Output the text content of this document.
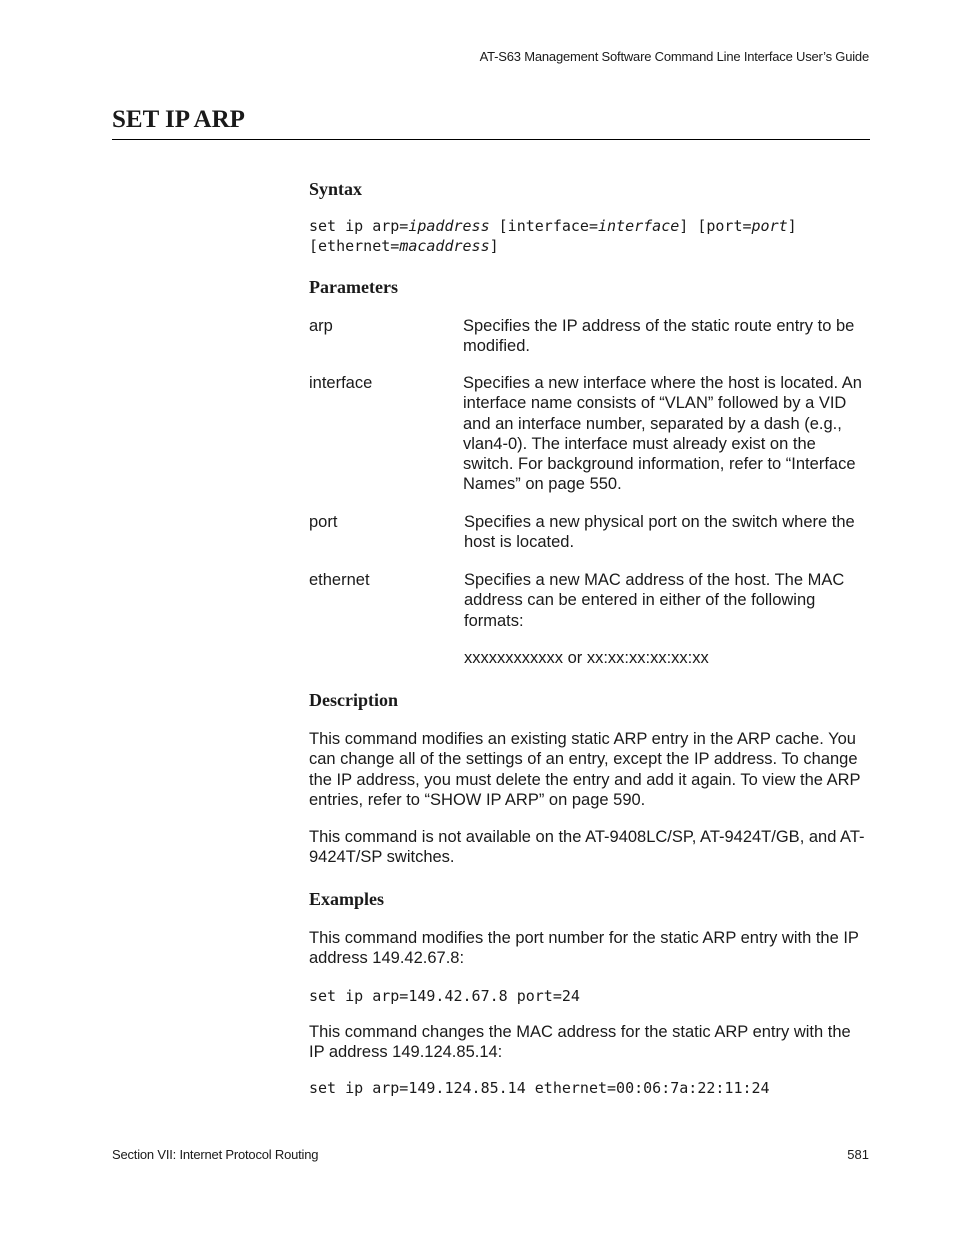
AT-S63 Management Software Command Line Interface User’s Guide
SET IP ARP
Syntax
set ip arp=ipaddress [interface=interface] [port=port]
[ethernet=macaddress]
Parameters
arp	Specifies the IP address of the static route entry to be modified.
interface	Specifies a new interface where the host is located. An interface name consists of “VLAN” followed by a VID and an interface number, separated by a dash (e.g., vlan4-0). The interface must already exist on the switch. For background information, refer to “Interface Names” on page 550.
port	Specifies a new physical port on the switch where the host is located.
ethernet	Specifies a new MAC address of the host. The MAC address can be entered in either of the following formats:
xxxxxxxxxxxx or xx:xx:xx:xx:xx:xx
Description

This command modifies an existing static ARP entry in the ARP cache. You can change all of the settings of an entry, except the IP address. To change the IP address, you must delete the entry and add it again. To view the ARP entries, refer to “SHOW IP ARP” on page 590.

This command is not available on the AT-9408LC/SP, AT-9424T/GB, and AT-9424T/SP switches.

Examples

This command modifies the port number for the static ARP entry with the IP address 149.42.67.8:

set ip arp=149.42.67.8 port=24

This command changes the MAC address for the static ARP entry with the IP address 149.124.85.14:

set ip arp=149.124.85.14 ethernet=00:06:7a:22:11:24
Section VII: Internet Protocol Routing	581
